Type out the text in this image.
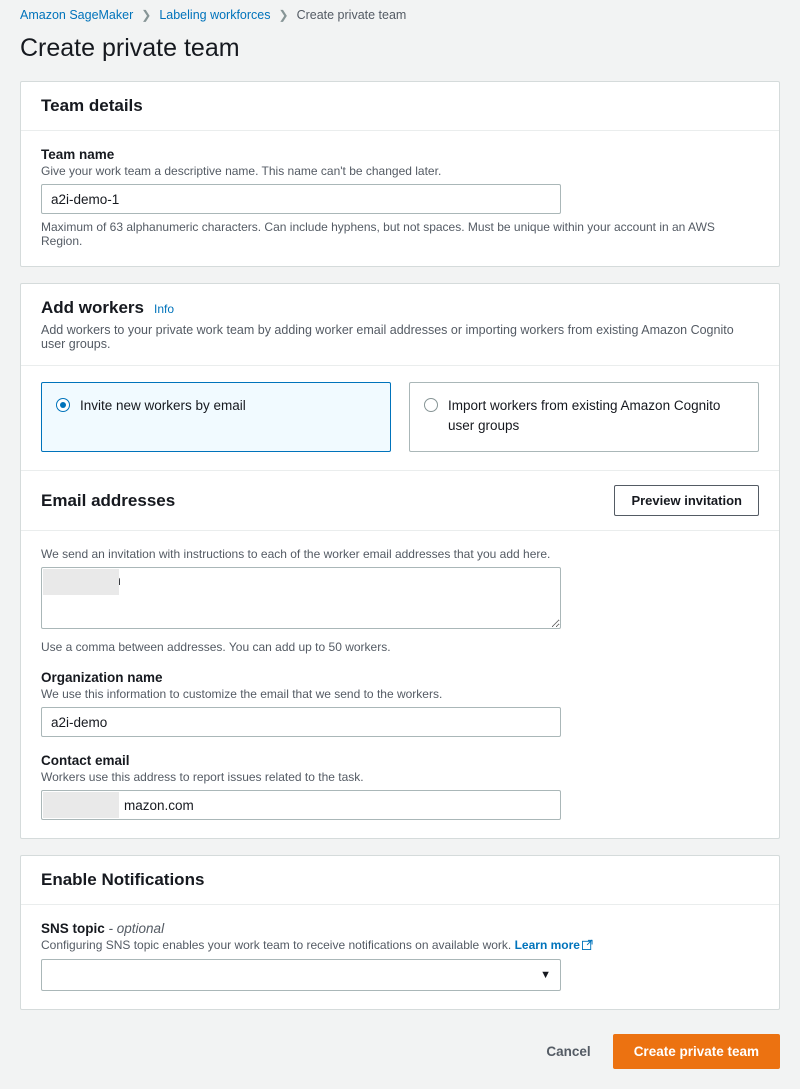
Amazon SageMaker ❯ Labeling workforces ❯ Create private team
Create private team
Team details
Team name
Give your work team a descriptive name. This name can't be changed later.
a2i-demo-1
Maximum of 63 alphanumeric characters. Can include hyphens, but not spaces. Must be unique within your account in an AWS Region.
Add workers Info
Add workers to your private work team by adding worker email addresses or importing workers from existing Amazon Cognito user groups.
Invite new workers by email	Import workers from existing Amazon Cognito user groups
Email addresses	Preview invitation
We send an invitation with instructions to each of the worker email addresses that you add here.
mazon.com
Use a comma between addresses. You can add up to 50 workers.
Organization name
We use this information to customize the email that we send to the workers.
a2i-demo
Contact email
Workers use this address to report issues related to the task.
mazon.com
Enable Notifications
SNS topic - optional
Configuring SNS topic enables your work team to receive notifications on available work. Learn more
▼
Cancel	Create private team
